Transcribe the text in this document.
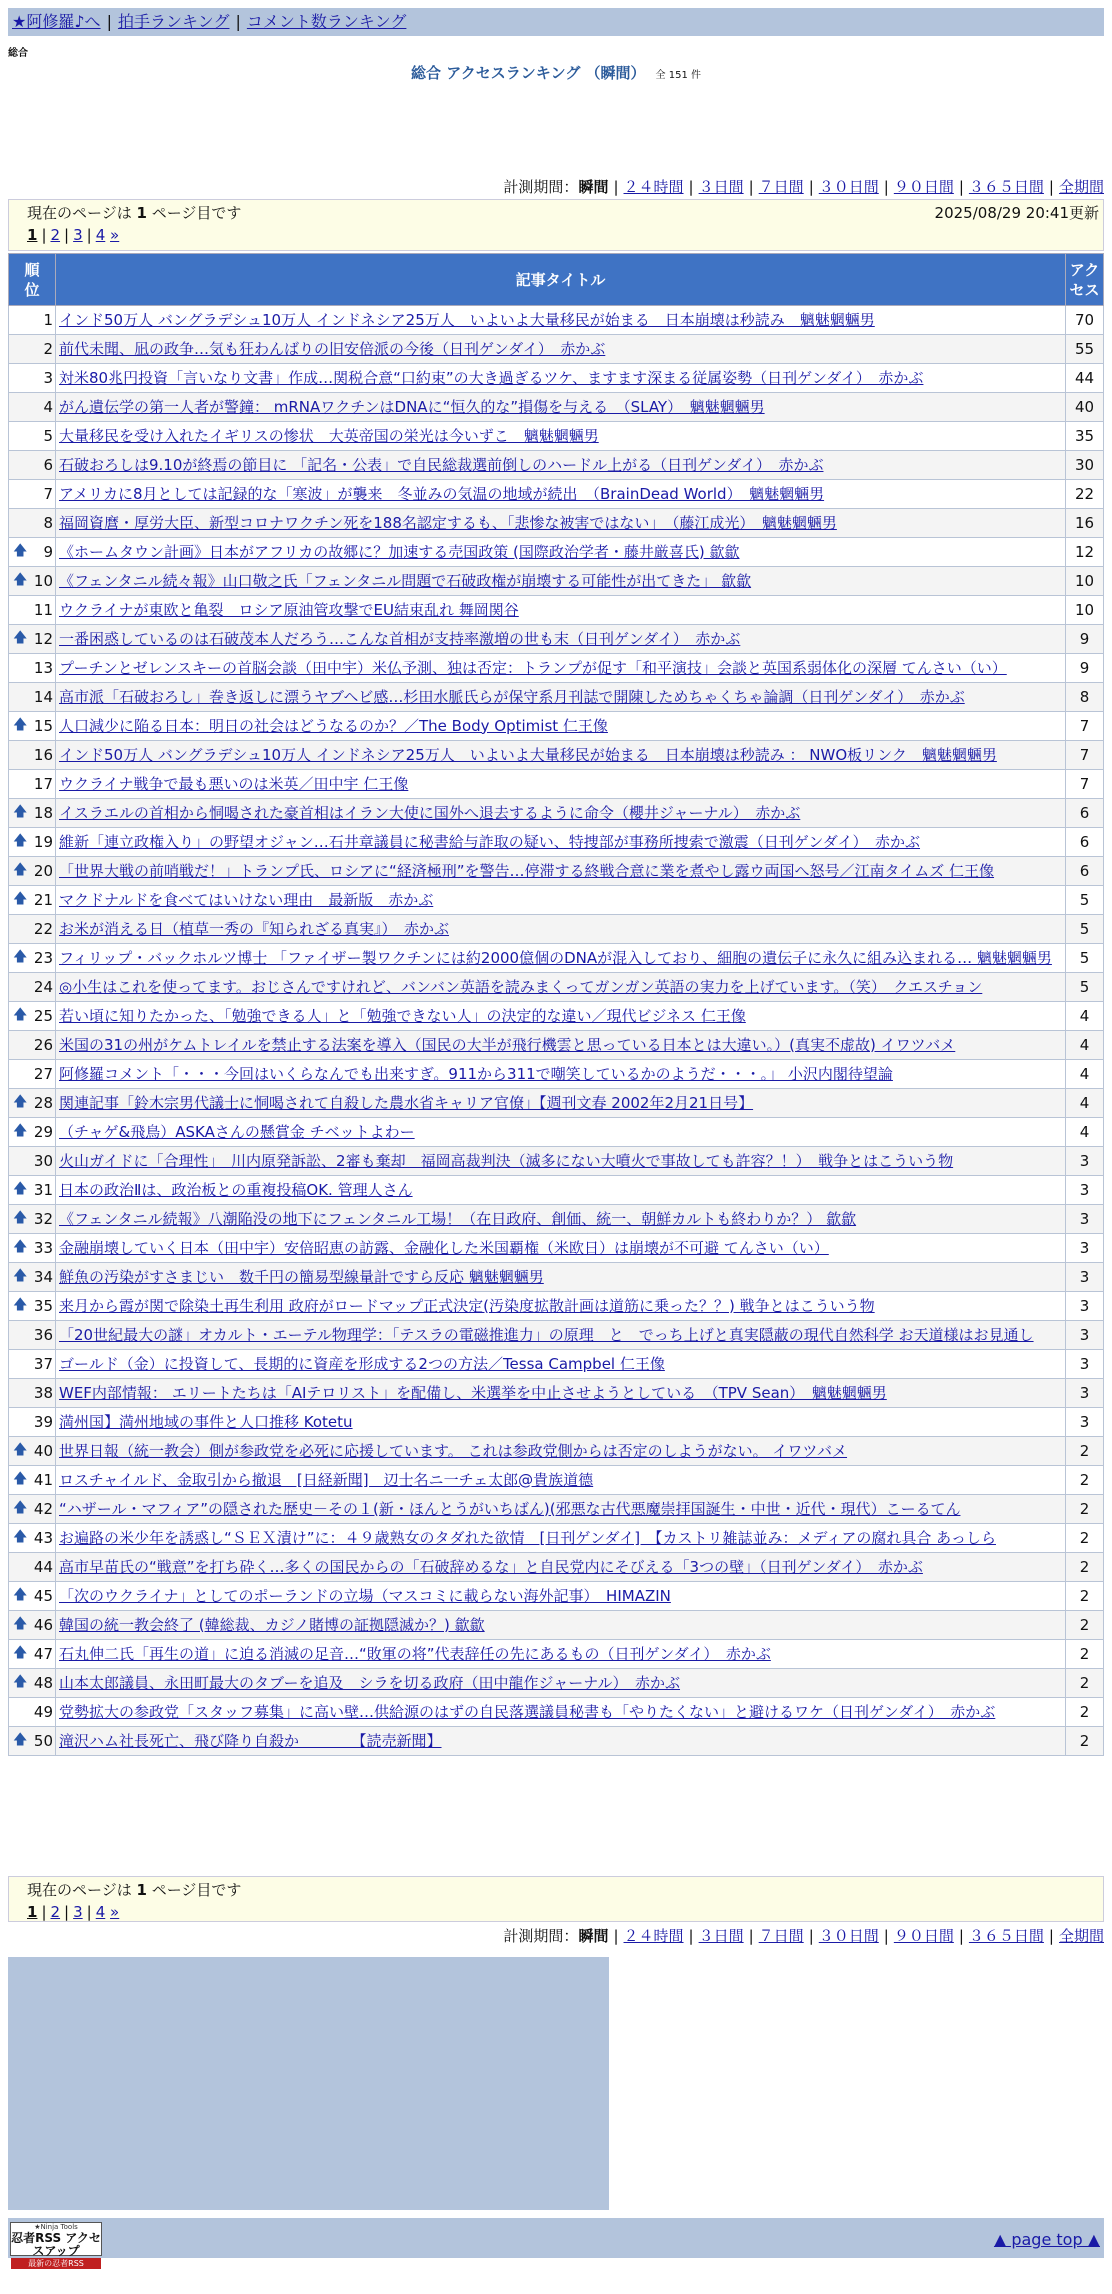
★阿修羅♪へ | 拍手ランキング | コメント数ランキング
総合
総合 アクセスランキング （瞬間） 全 151 件
計測期間：瞬間 | ２４時間 | ３日間 | ７日間 | ３０日間 | ９０日間 | ３６５日間 | 全期間
現在のページは 1 ページ目です	2025/08/29 20:41更新
1 | 2 | 3 | 4 »
順
位	記事タイトル	アク
セス
1	インド50万人 バングラデシュ10万人 インドネシア25万人　いよいよ大量移民が始まる　日本崩壊は秒読み　魑魅魍魎男	70
2	前代未聞、凪の政争…気も狂わんばりの旧安倍派の今後（日刊ゲンダイ）　赤かぶ	55
3	対米80兆円投資「言いなり文書」作成…関税合意“口約束”の大き過ぎるツケ、ますます深まる従属姿勢（日刊ゲンダイ）　赤かぶ	44
4	がん遺伝学の第一人者が警鐘： mRNAワクチンはDNAに“恒久的な”損傷を与える　（SLAY）　魑魅魍魎男	40
5	大量移民を受け入れたイギリスの惨状　大英帝国の栄光は今いずこ　魑魅魍魎男	35
6	石破おろしは9.10が終焉の節目に 「記名・公表」で自民総裁選前倒しのハードル上がる（日刊ゲンダイ）　赤かぶ	30
7	アメリカに8月としては記録的な「寒波」が襲来　冬並みの気温の地域が続出　（BrainDead World）　魑魅魍魎男	22
8	福岡資麿・厚労大臣、新型コロナワクチン死を188名認定するも、「悲惨な被害ではない」　（藤江成光）　魑魅魍魎男	16

🡅 9	《ホームタウン計画》日本がアフリカの故郷に？加速する売国政策 (国際政治学者・藤井厳喜氏) 歙歙	12

🡅 10	《フェンタニル続々報》山口敬之氏「フェンタニル問題で石破政権が崩壊する可能性が出てきた」 歙歙	10
11	ウクライナが東欧と亀裂　ロシア原油管攻撃でEU結束乱れ 舞岡関谷	10

🡅 12	一番困惑しているのは石破茂本人だろう…こんな首相が支持率激増の世も末（日刊ゲンダイ）　赤かぶ	9
13	プーチンとゼレンスキーの首脳会談（田中宇）米仏予測、独は否定：トランプが促す「和平演技」会談と英国系弱体化の深層 てんさい（い）	9
14	高市派「石破おろし」巻き返しに漂うヤブヘビ感…杉田水脈氏らが保守系月刊誌で開陳しためちゃくちゃ論調（日刊ゲンダイ）　赤かぶ	8

🡅 15	人口減少に陥る日本：明日の社会はどうなるのか？／The Body Optimist 仁王像	7
16	インド50万人 バングラデシュ10万人 インドネシア25万人　いよいよ大量移民が始まる　日本崩壊は秒読み ： NWO板リンク　魑魅魍魎男	7
17	ウクライナ戦争で最も悪いのは米英／田中宇 仁王像	7

🡅 18	イスラエルの首相から恫喝された豪首相はイラン大使に国外へ退去するように命令（櫻井ジャーナル）　赤かぶ	6

🡅 19	維新「連立政権入り」の野望オジャン…石井章議員に秘書給与詐取の疑い、特捜部が事務所捜索で激震（日刊ゲンダイ）　赤かぶ	6

🡅 20	「世界大戦の前哨戦だ！」トランプ氏、ロシアに“経済極刑”を警告…停滞する終戦合意に業を煮やし露ウ両国へ怒号／江南タイムズ 仁王像	6

🡅 21	マクドナルドを食べてはいけない理由　最新版　赤かぶ	5
22	お米が消える日（植草一秀の『知られざる真実』）　赤かぶ	5

🡅 23	フィリップ・バックホルツ博士 「ファイザー製ワクチンには約2000億個のDNAが混入しており、細胞の遺伝子に永久に組み込まれる… 魑魅魍魎男	5
24	◎小生はこれを使ってます。おじさんですけれど、バンバン英語を読みまくってガンガン英語の実力を上げています。（笑）　クエスチョン	5

🡅 25	若い頃に知りたかった、「勉強できる人」と「勉強できない人」の決定的な違い／現代ビジネス 仁王像	4
26	米国の31の州がケムトレイルを禁止する法案を導入（国民の大半が飛行機雲と思っている日本とは大違い。）(真実不虚故) イワツバメ	4
27	阿修羅コメント「・・・今回はいくらなんでも出来すぎ。911から311で嘲笑しているかのようだ・・・。」 小沢内閣待望論	4

🡅 28	関連記事「鈴木宗男代議士に恫喝されて自殺した農水省キャリア官僚」【週刊文春 2002年2月21日号】	4

🡅 29	（チャゲ&飛鳥）ASKAさんの懸賞金 チベットよわー	4
30	火山ガイドに「合理性」　川内原発訴訟、2審も棄却　福岡高裁判決（滅多にない大噴火で事故しても許容？！）　戦争とはこういう物	3

🡅 31	日本の政治Ⅱは、政治板との重複投稿OK. 管理人さん	3

🡅 32	《フェンタニル続報》八潮陥没の地下にフェンタニル工場！（在日政府、創価、統一、朝鮮カルトも終わりか？） 歙歙	3

🡅 33	金融崩壊していく日本（田中宇）安倍昭恵の訪露、金融化した米国覇権（米欧日）は崩壊が不可避 てんさい（い）	3

🡅 34	鮮魚の汚染がすさまじい　数千円の簡易型線量計ですら反応 魑魅魍魎男	3

🡅 35	来月から霞が関で除染土再生利用 政府がロードマップ正式決定(汚染度拡散計画は道筋に乗った？？) 戦争とはこういう物	3
36	「20世紀最大の謎」オカルト・エーテル物理学：「テスラの電磁推進力」の原理　と　でっち上げと真実隠蔽の現代自然科学 お天道様はお見通し	3
37	ゴールド（金）に投資して、長期的に資産を形成する2つの方法／Tessa Campbel 仁王像	3
38	WEF内部情報： エリートたちは「AIテロリスト」を配備し、米選挙を中止させようとしている　（TPV Sean）　魑魅魍魎男	3
39	満州国】満州地域の事件と人口推移 Kotetu	3

🡅 40	世界日報（統一教会）側が参政党を必死に応援しています。 これは参政党側からは否定のしようがない。 イワツバメ	2

🡅 41	ロスチャイルド、金取引から撤退　[日経新聞]　辺士名ニ一チェ太郎@貴族道德	2

🡅 42	“ハザール・マフィア”の隠された歴史－その１(新・ほんとうがいちばん)(邪悪な古代悪魔崇拝国誕生・中世・近代・現代）こーるてん	2

🡅 43	お遍路の米少年を誘惑し“ＳＥＸ漬け”に：４９歳熟女のタダれた欲情　[日刊ゲンダイ]　【カストリ雑誌並み：メディアの腐れ具合 あっしら	2
44	高市早苗氏の“戦意”を打ち砕く…多くの国民からの「石破辞めるな」と自民党内にそびえる「3つの壁」（日刊ゲンダイ）　赤かぶ	2

🡅 45	「次のウクライナ」としてのポーランドの立場（マスコミに載らない海外記事）　HIMAZIN	2

🡅 46	韓国の統一教会終了 (韓総裁、カジノ賭博の証拠隠滅か？) 歙歙	2

🡅 47	石丸伸二氏「再生の道」に迫る消滅の足音…“敗軍の将”代表辞任の先にあるもの（日刊ゲンダイ）　赤かぶ	2

🡅 48	山本太郎議員、永田町最大のタブーを追及　シラを切る政府（田中龍作ジャーナル）　赤かぶ	2
49	党勢拡大の参政党「スタッフ募集」に高い壁…供給源のはずの自民落選議員秘書も「やりたくない」と避けるワケ（日刊ゲンダイ）　赤かぶ	2

🡅 50	滝沢ハム社長死亡、飛び降り自殺か　　　　【読売新聞】	2
現在のページは 1 ページ目です
1 | 2 | 3 | 4 »
計測期間：瞬間 | ２４時間 | ３日間 | ７日間 | ３０日間 | ９０日間 | ３６５日間 | 全期間
★Ninja Tools
忍者RSS アクセスアップ
最新の忍者RSS
▲ page top ▲
